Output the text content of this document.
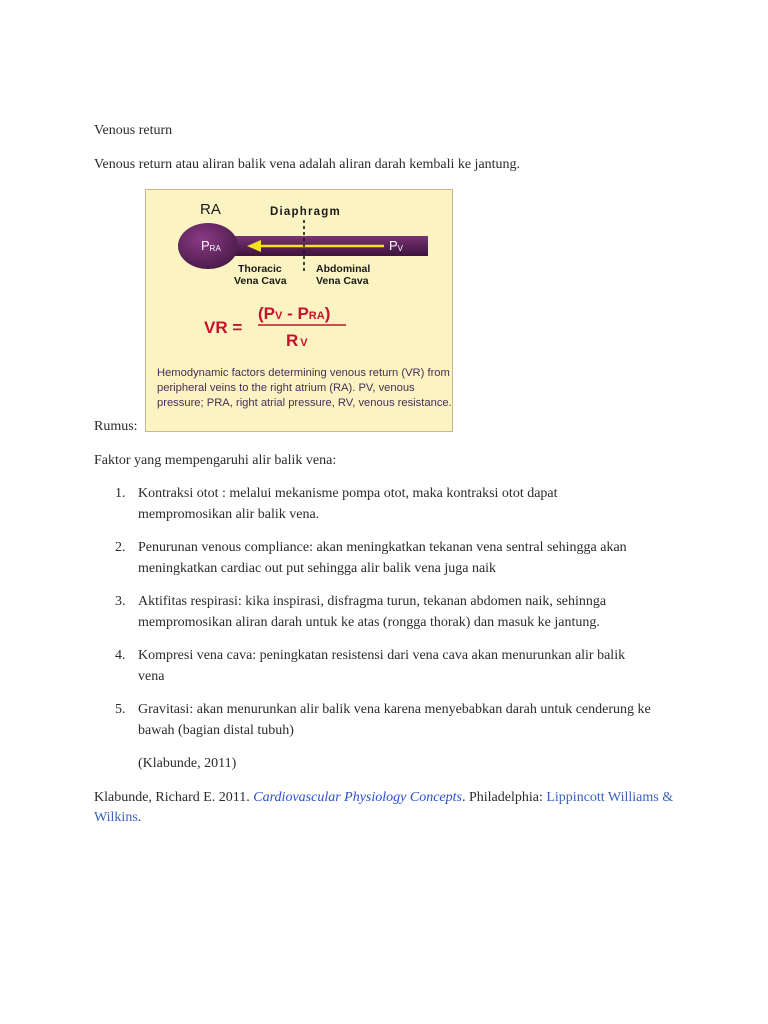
Venous return
Venous return atau aliran balik vena adalah aliran darah kembali ke jantung.
Rumus:
RA	Diaphragm
PRA	PV
Thoracic
Vena Cava
Abdominal
Vena Cava
VR =
(PV - PRA)
R V
Hemodynamic factors determining venous return (VR) from peripheral veins to the right atrium (RA). PV, venous pressure; PRA, right atrial pressure, RV, venous resistance.
Faktor yang mempengaruhi alir balik vena:
1. Kontraksi otot : melalui mekanisme pompa otot, maka kontraksi otot dapat mempromosikan alir balik vena.
2. Penurunan venous compliance: akan meningkatkan tekanan vena sentral sehingga akan meningkatkan cardiac out put sehingga alir balik vena juga naik
3. Aktifitas respirasi: kika inspirasi, disfragma turun, tekanan abdomen naik, sehinnga mempromosikan aliran darah untuk ke atas (rongga thorak) dan masuk ke jantung.
4. Kompresi vena cava: peningkatan resistensi dari vena cava akan menurunkan alir balik vena
5. Gravitasi: akan menurunkan alir balik vena karena menyebabkan darah untuk cenderung ke bawah (bagian distal tubuh)
(Klabunde, 2011)
Klabunde, Richard E. 2011. Cardiovascular Physiology Concepts. Philadelphia: Lippincott Williams & Wilkins.
